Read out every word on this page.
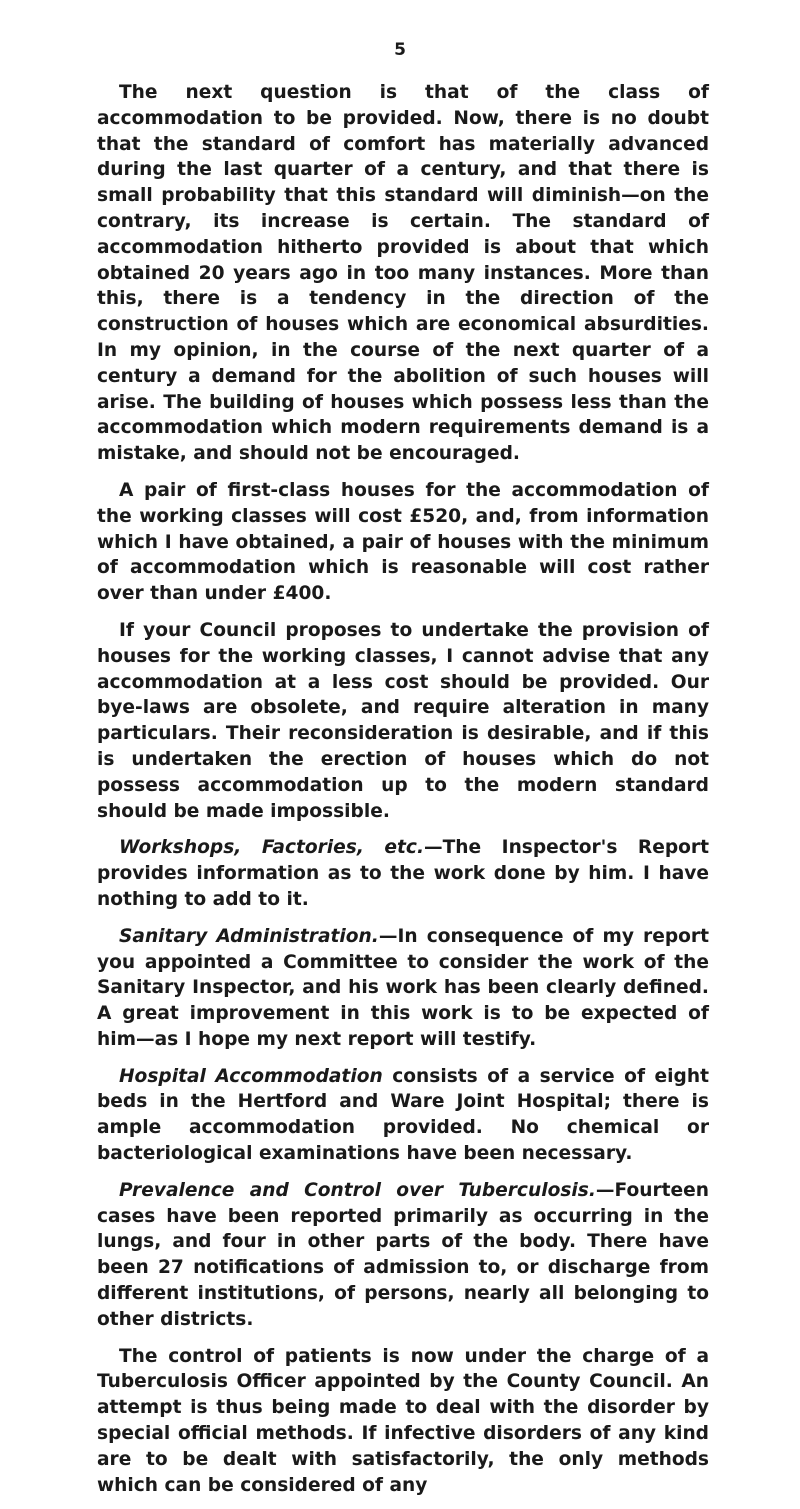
5

The next question is that of the class of accommodation to be provided. Now, there is no doubt that the standard of comfort has materially advanced during the last quarter of a century, and that there is small probability that this standard will diminish—on the contrary, its increase is certain. The standard of accommodation hitherto provided is about that which obtained 20 years ago in too many instances. More than this, there is a tendency in the direction of the construction of houses which are economical absurdities. In my opinion, in the course of the next quarter of a century a demand for the abolition of such houses will arise. The building of houses which possess less than the accommodation which modern requirements demand is a mistake, and should not be encouraged.

A pair of first-class houses for the accommodation of the working classes will cost £520, and, from information which I have obtained, a pair of houses with the minimum of accommodation which is reasonable will cost rather over than under £400.

If your Council proposes to undertake the provision of houses for the working classes, I cannot advise that any accommodation at a less cost should be provided. Our bye-laws are obsolete, and require alteration in many particulars. Their reconsideration is desirable, and if this is undertaken the erection of houses which do not possess accommodation up to the modern standard should be made impossible.

Workshops, Factories, etc.—The Inspector's Report provides information as to the work done by him. I have nothing to add to it.

Sanitary Administration.—In consequence of my report you appointed a Committee to consider the work of the Sanitary Inspector, and his work has been clearly defined. A great improvement in this work is to be expected of him—as I hope my next report will testify.

Hospital Accommodation consists of a service of eight beds in the Hertford and Ware Joint Hospital; there is ample accommodation provided. No chemical or bacteriological examinations have been necessary.

Prevalence and Control over Tuberculosis.—Fourteen cases have been reported primarily as occurring in the lungs, and four in other parts of the body. There have been 27 notifications of admission to, or discharge from different institutions, of persons, nearly all belonging to other districts.

The control of patients is now under the charge of a Tuberculosis Officer appointed by the County Council. An attempt is thus being made to deal with the disorder by special official methods. If infective disorders of any kind are to be dealt with satisfactorily, the only methods which can be considered of any
